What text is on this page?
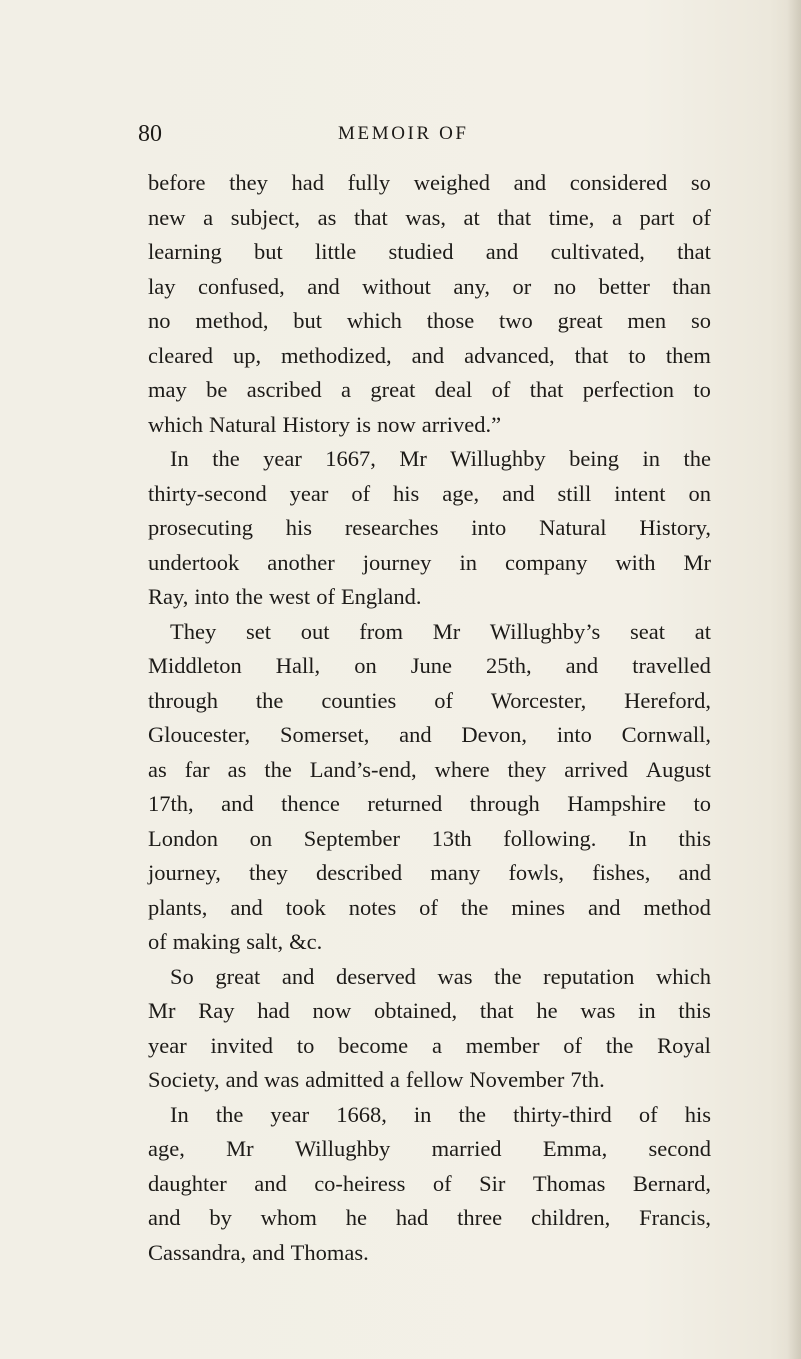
80	MEMOIR OF
before they had fully weighed and considered so
new a subject, as that was, at that time, a part of
learning but little studied and cultivated, that
lay confused, and without any, or no better than
no method, but which those two great men so
cleared up, methodized, and advanced, that to them
may be ascribed a great deal of that perfection to
which Natural History is now arrived.”
In the year 1667, Mr Willughby being in the
thirty-second year of his age, and still intent on
prosecuting his researches into Natural History,
undertook another journey in company with Mr
Ray, into the west of England.
They set out from Mr Willughby’s seat at
Middleton Hall, on June 25th, and travelled
through the counties of Worcester, Hereford,
Gloucester, Somerset, and Devon, into Cornwall,
as far as the Land’s-end, where they arrived August
17th, and thence returned through Hampshire to
London on September 13th following. In this
journey, they described many fowls, fishes, and
plants, and took notes of the mines and method
of making salt, &c.
So great and deserved was the reputation which
Mr Ray had now obtained, that he was in this
year invited to become a member of the Royal
Society, and was admitted a fellow November 7th.
In the year 1668, in the thirty-third of his
age, Mr Willughby married Emma, second
daughter and co-heiress of Sir Thomas Bernard,
and by whom he had three children, Francis,
Cassandra, and Thomas.
